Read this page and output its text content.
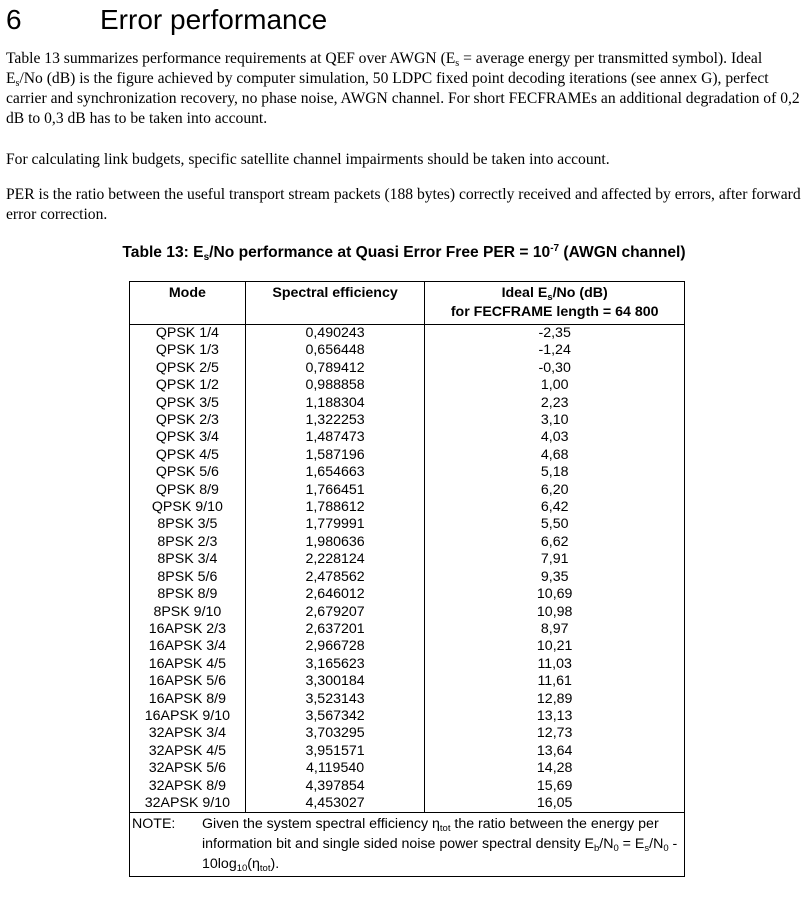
6	Error performance
Table 13 summarizes performance requirements at QEF over AWGN ($E_s$ = average energy per transmitted symbol). Ideal $E_s/No$ (dB) is the figure achieved by computer simulation, 50 LDPC fixed point decoding iterations (see annex G), perfect carrier and synchronization recovery, no phase noise, AWGN channel. For short FECFRAMEs an additional degradation of 0,2 dB to 0,3 dB has to be taken into account.
For calculating link budgets, specific satellite channel impairments should be taken into account.
PER is the ratio between the useful transport stream packets (188 bytes) correctly received and affected by errors, after forward error correction.
Table 13: $E_s/No$ performance at Quasi Error Free PER = $10^{-7}$ (AWGN channel)
Mode	Spectral efficiency	Ideal $E_s/No$ (dB)
for FECFRAME length = 64 800
QPSK 1/4	0,490243	-2,35
QPSK 1/3	0,656448	-1,24
QPSK 2/5	0,789412	-0,30
QPSK 1/2	0,988858	1,00
QPSK 3/5	1,188304	2,23
QPSK 2/3	1,322253	3,10
QPSK 3/4	1,487473	4,03
QPSK 4/5	1,587196	4,68
QPSK 5/6	1,654663	5,18
QPSK 8/9	1,766451	6,20
QPSK 9/10	1,788612	6,42
8PSK 3/5	1,779991	5,50
8PSK 2/3	1,980636	6,62
8PSK 3/4	2,228124	7,91
8PSK 5/6	2,478562	9,35
8PSK 8/9	2,646012	10,69
8PSK 9/10	2,679207	10,98
16APSK 2/3	2,637201	8,97
16APSK 3/4	2,966728	10,21
16APSK 4/5	3,165623	11,03
16APSK 5/6	3,300184	11,61
16APSK 8/9	3,523143	12,89
16APSK 9/10	3,567342	13,13
32APSK 3/4	3,703295	12,73
32APSK 4/5	3,951571	13,64
32APSK 5/6	4,119540	14,28
32APSK 8/9	4,397854	15,69
32APSK 9/10	4,453027	16,05

NOTE: Given the system spectral efficiency $\eta_{tot}$ the ratio between the energy per information bit and single sided noise power spectral density $E_b/N_0 = E_s/N_0 - 10\log_{10}(\eta_{tot})$.		
